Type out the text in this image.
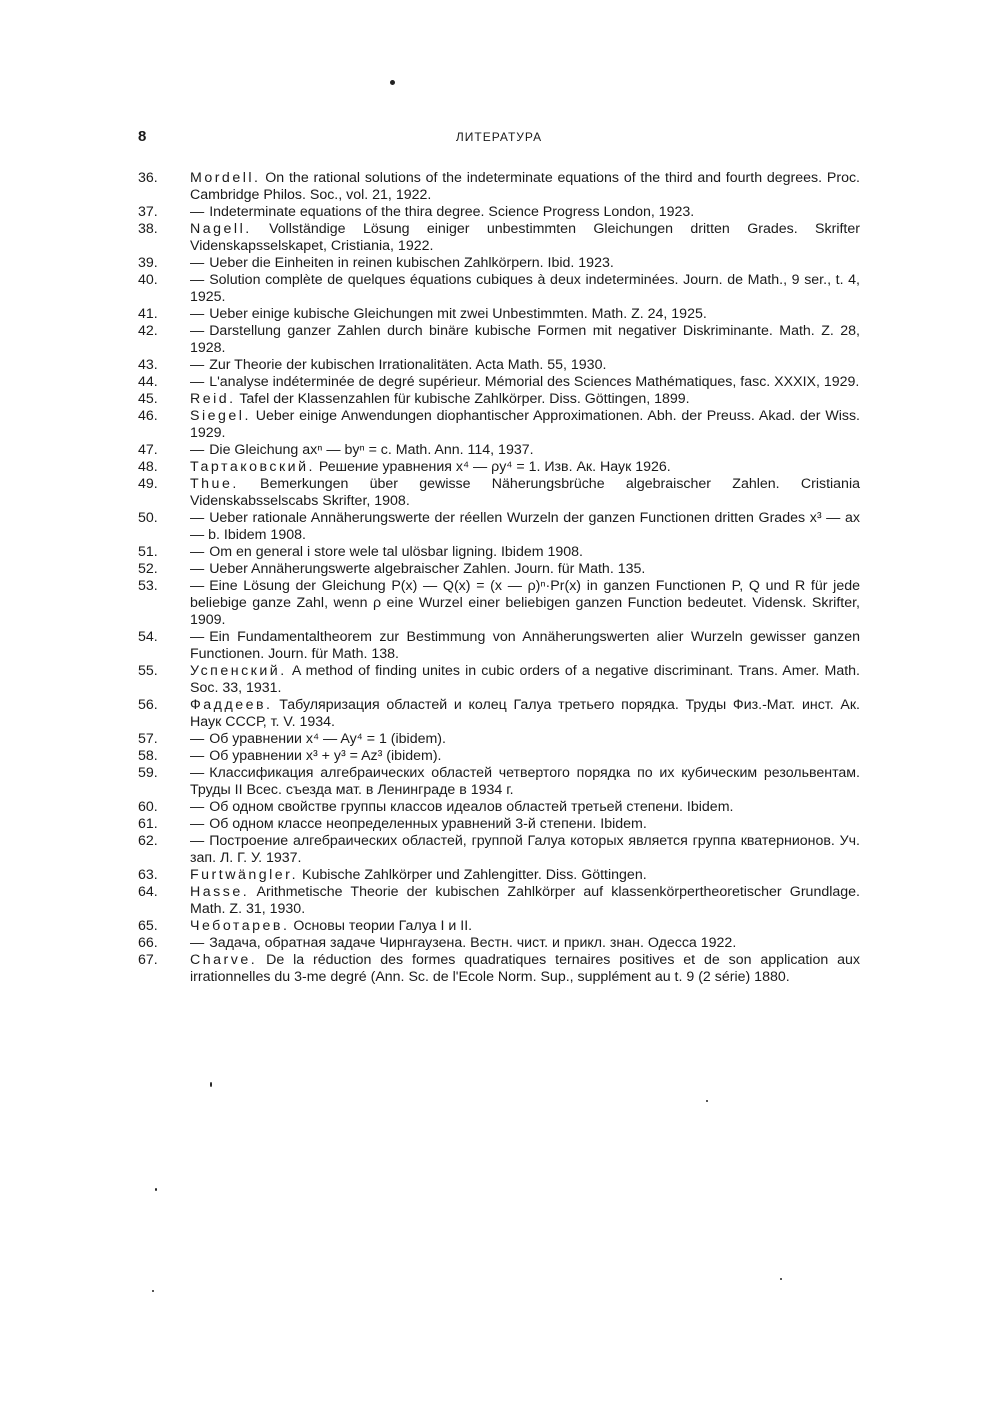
8	ЛИТЕРАТУРА
36.	Mordell. On the rational solutions of the indeterminate equations of the third and fourth degrees. Proc. Cambridge Philos. Soc., vol. 21, 1922.
37.	— Indeterminate equations of the thira degree. Science Progress London, 1923.
38.	Nagell. Vollständige Lösung einiger unbestimmten Gleichungen dritten Grades. Skrifter Videnskapsselskapet, Cristiania, 1922.
39.	— Ueber die Einheiten in reinen kubischen Zahlkörpern. Ibid. 1923.
40.	— Solution complète de quelques équations cubiques à deux indeterminées. Journ. de Math., 9 ser., t. 4, 1925.
41.	— Ueber einige kubische Gleichungen mit zwei Unbestimmten. Math. Z. 24, 1925.
42.	— Darstellung ganzer Zahlen durch binäre kubische Formen mit negativer Diskriminante. Math. Z. 28, 1928.
43.	— Zur Theorie der kubischen Irrationalitäten. Acta Math. 55, 1930.
44.	— L'analyse indéterminée de degré supérieur. Mémorial des Sciences Mathématiques, fasc. XXXIX, 1929.
45.	Reid. Tafel der Klassenzahlen für kubische Zahlkörper. Diss. Göttingen, 1899.
46.	Siegel. Ueber einige Anwendungen diophantischer Approximationen. Abh. der Preuss. Akad. der Wiss. 1929.
47.	— Die Gleichung axⁿ — byⁿ = c. Math. Ann. 114, 1937.
48.	Тартаковский. Решение уравнения x⁴ — ρy⁴ = 1. Изв. Ак. Наук 1926.
49.	Thue. Bemerkungen über gewisse Näherungsbrüche algebraischer Zahlen. Cristiania Videnskabsselscabs Skrifter, 1908.
50.	— Ueber rationale Annäherungswerte der réellen Wurzeln der ganzen Functionen dritten Grades x³ — ax — b. Ibidem 1908.
51.	— Om en general i store wele tal ulösbar ligning. Ibidem 1908.
52.	— Ueber Annäherungswerte algebraischer Zahlen. Journ. für Math. 135.
53.	— Eine Lösung der Gleichung P(x) — Q(x) = (x — ρ)ⁿ·Pr(x) in ganzen Functionen P, Q und R für jede beliebige ganze Zahl, wenn ρ eine Wurzel einer beliebigen ganzen Function bedeutet. Vidensk. Skrifter, 1909.
54.	— Ein Fundamentaltheorem zur Bestimmung von Annäherungswerten alier Wurzeln gewisser ganzen Functionen. Journ. für Math. 138.
55.	Успенский. A method of finding unites in cubic orders of a negative discriminant. Trans. Amer. Math. Soc. 33, 1931.
56.	Фаддеев. Табуляризация областей и колец Галуа третьего порядка. Труды Физ.-Мат. инст. Ак. Наук СССР, т. V. 1934.
57.	— Об уравнении x⁴ — Ay⁴ = 1 (ibidem).
58.	— Об уравнении x³ + y³ = Az³ (ibidem).
59.	— Классификация алгебраических областей четвертого порядка по их кубическим резольвентам. Труды II Всес. съезда мат. в Ленинграде в 1934 г.
60.	— Об одном свойстве группы классов идеалов областей третьей степени. Ibidem.
61.	— Об одном классе неопределенных уравнений 3-й степени. Ibidem.
62.	— Построение алгебраических областей, группой Галуа которых является группа кватернионов. Уч. зап. Л. Г. У. 1937.
63.	Furtwängler. Kubische Zahlkörper und Zahlengitter. Diss. Göttingen.
64.	Hasse. Arithmetische Theorie der kubischen Zahlkörper auf klassenkörpertheoretischer Grundlage. Math. Z. 31, 1930.
65.	Чеботарев. Основы теории Галуа I и II.
66.	— Задача, обратная задаче Чирнгаузена. Вестн. чист. и прикл. знан. Одесса 1922.
67.	Charve. De la réduction des formes quadratiques ternaires positives et de son application aux irrationnelles du 3-me degré (Ann. Sc. de l'Ecole Norm. Sup., supplément au t. 9 (2 série) 1880.
